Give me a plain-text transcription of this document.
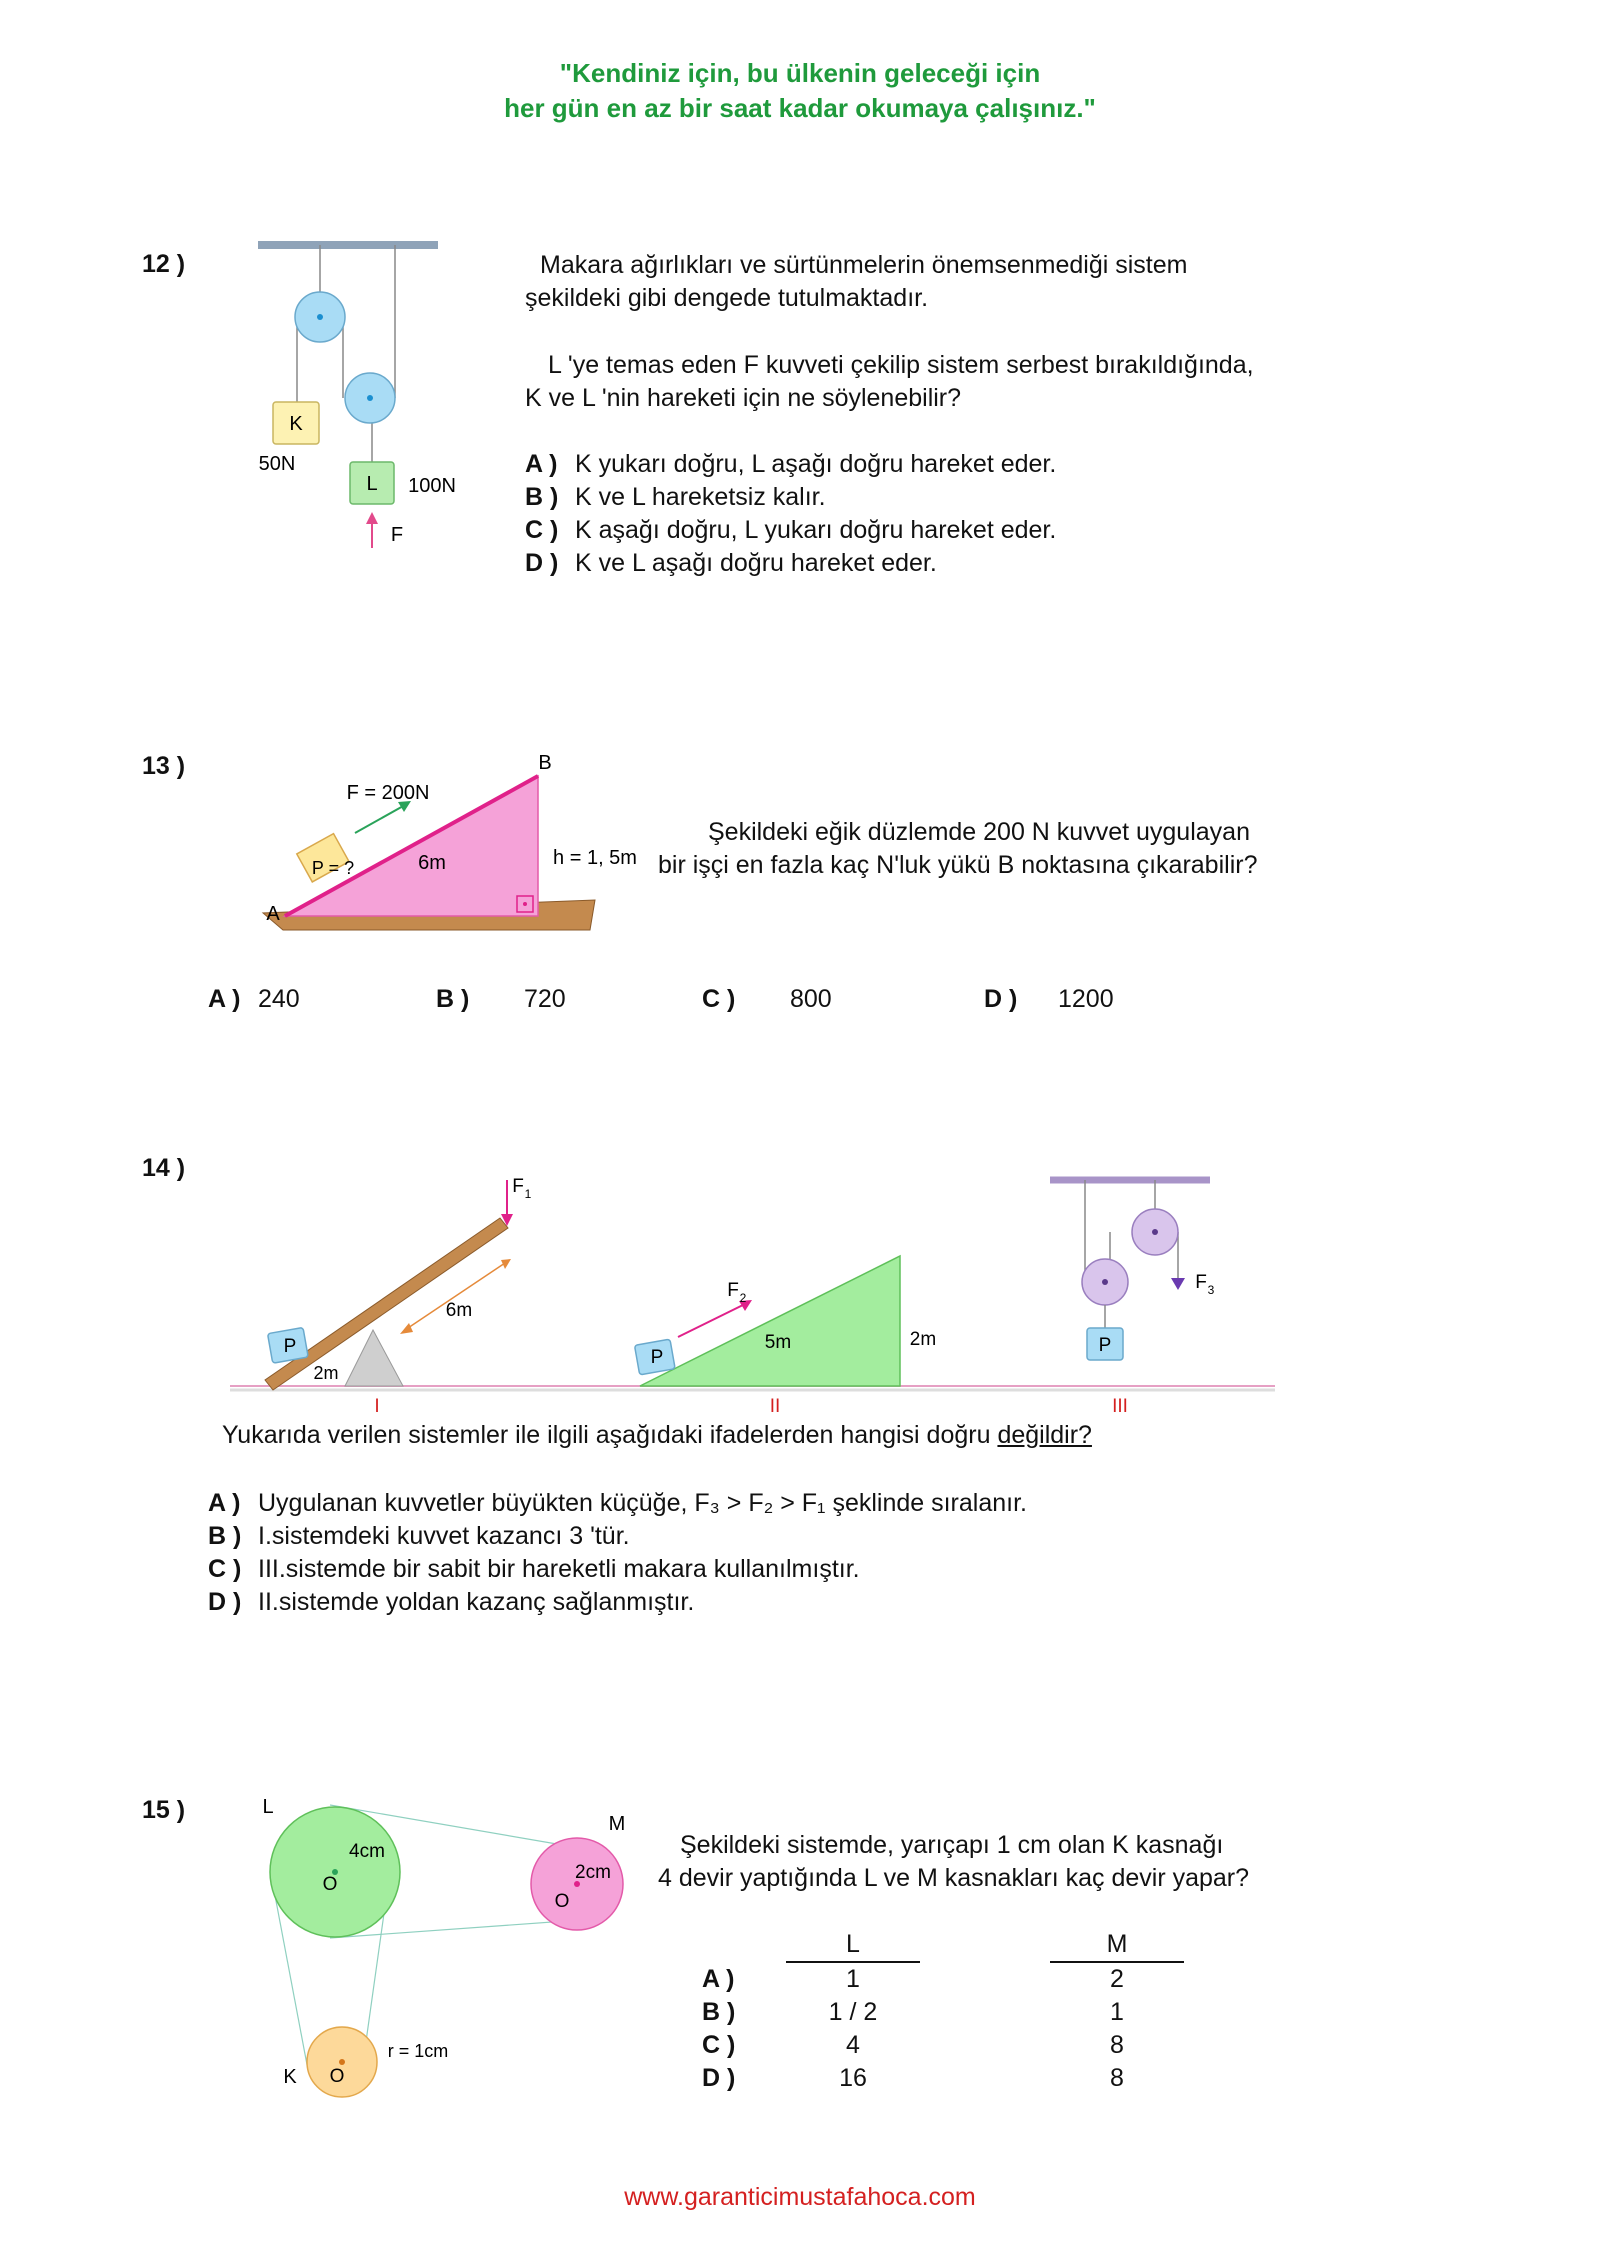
"Kendiniz için, bu ülkenin geleceği için
her gün en az bir saat kadar okumaya çalışınız."
12 )
K
50N
L 100N
F
Makara ağırlıkları ve sürtünmelerin önemsenmediği sistem
şekildeki gibi dengede tutulmaktadır.
L 'ye temas eden F kuvveti çekilip sistem serbest bırakıldığında,
K ve L 'nin hareketi için ne söylenebilir?
A ) K yukarı doğru, L aşağı doğru hareket eder.
B ) K ve L hareketsiz kalır.
C ) K aşağı doğru, L yukarı doğru hareket eder.
D ) K ve L aşağı doğru hareket eder.
13 )
P = ?
F = 200N
B
A
h = 1, 5m
6m
Şekildeki eğik düzlemde 200 N kuvvet uygulayan
bir işçi en fazla kaç N'luk yükü B noktasına çıkarabilir?
A ) 240	B ) 720	C ) 800	D ) 1200
14 )
P
2m
6m
F 1
I
P
F 2
5m	2m
II
P
F 3
III
Yukarıda verilen sistemler ile ilgili aşağıdaki ifadelerden hangisi doğru değildir?
A ) Uygulanan kuvvetler büyükten küçüğe, F₃ > F₂ > F₁ şeklinde sıralanır.
B ) I.sistemdeki kuvvet kazancı 3 'tür.
C ) III.sistemde bir sabit bir hareketli makara kullanılmıştır.
D ) II.sistemde yoldan kazanç sağlanmıştır.
15 )	L
4cm
O
M
2cm
O
r = 1cm
K O
Şekildeki sistemde, yarıçapı 1 cm olan K kasnağı
4 devir yaptığında L ve M kasnakları kaç devir yapar?
	L		M
A )	1		2
B )	1 / 2		1
C )	4		8
D )	16		8
www.garanticimustafahoca.com
